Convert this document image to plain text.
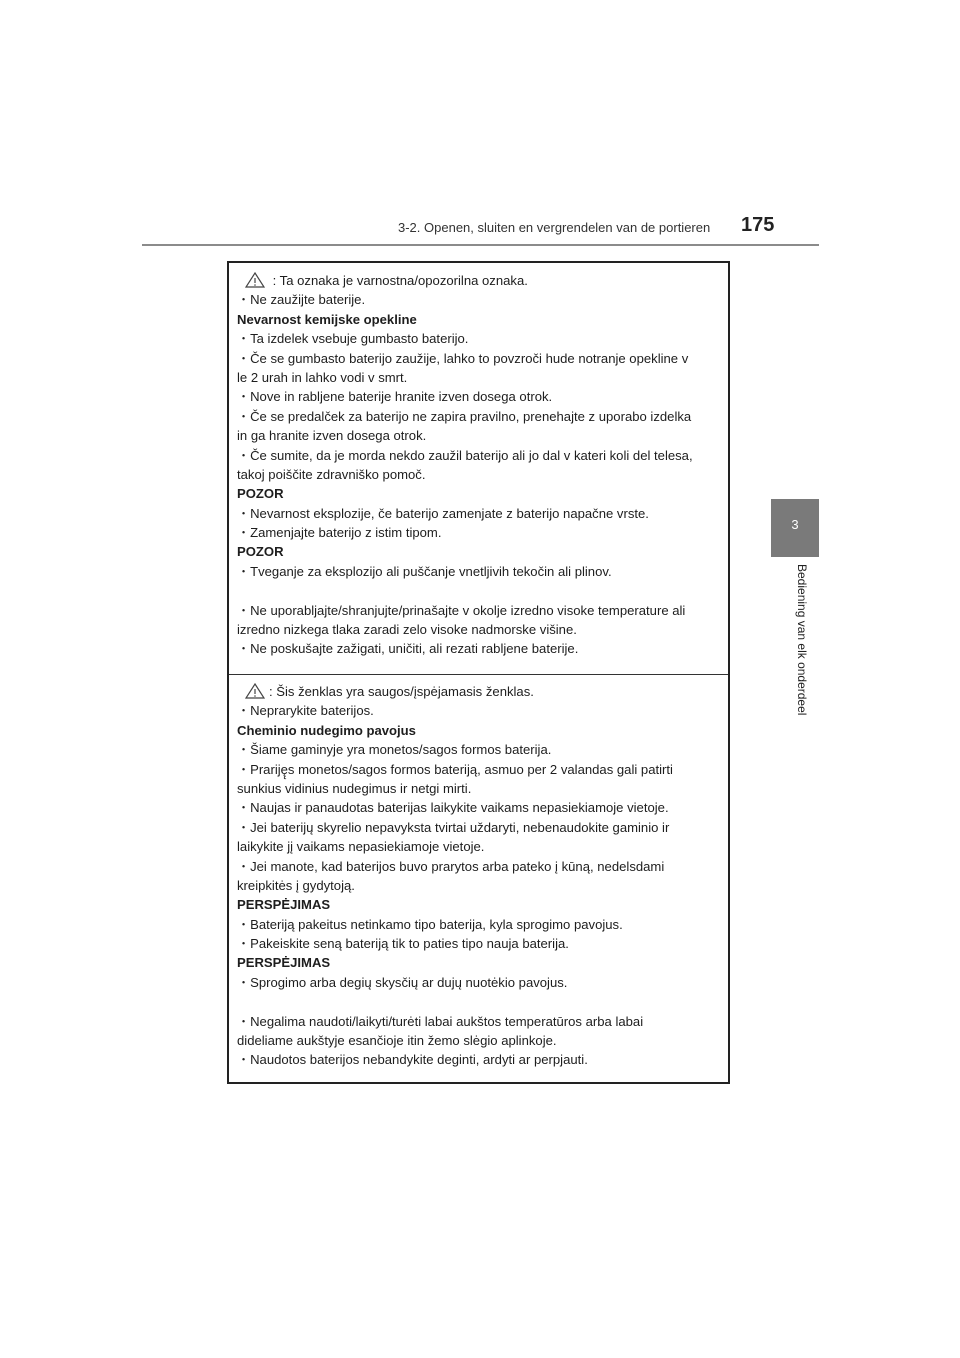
3-2. Openen, sluiten en vergrendelen van de portieren 175
3
Bediening van elk onderdeel
: Ta oznaka je varnostna/opozorilna oznaka.
・Ne zaužijte baterije.
Nevarnost kemijske opekline
・Ta izdelek vsebuje gumbasto baterijo.
・Če se gumbasto baterijo zaužije, lahko to povzroči hude notranje opekline v
le 2 urah in lahko vodi v smrt.
・Nove in rabljene baterije hranite izven dosega otrok.
・Če se predalček za baterijo ne zapira pravilno, prenehajte z uporabo izdelka
in ga hranite izven dosega otrok.
・Če sumite, da je morda nekdo zaužil baterijo ali jo dal v kateri koli del telesa,
takoj poiščite zdravniško pomoč.
POZOR
・Nevarnost eksplozije, če baterijo zamenjate z baterijo napačne vrste.
・Zamenjajte baterijo z istim tipom.
POZOR
・Tveganje za eksplozijo ali puščanje vnetljivih tekočin ali plinov.
・Ne uporabljajte/shranjujte/prinašajte v okolje izredno visoke temperature ali
izredno nizkega tlaka zaradi zelo visoke nadmorske višine.
・Ne poskušajte zažigati, uničiti, ali rezati rabljene baterije.
: Šis ženklas yra saugos/įspėjamasis ženklas.
・Neprarykite baterijos.
Cheminio nudegimo pavojus
・Šiame gaminyje yra monetos/sagos formos baterija.
・Prariję̨s monetos/sagos formos bateriją, asmuo per 2 valandas gali patirti
sunkius vidinius nudegimus ir netgi mirti.
・Naujas ir panaudotas baterijas laikykite vaikams nepasiekiamoje vietoje.
・Jei baterijų skyrelio nepavyksta tvirtai uždaryti, nebenaudokite gaminio ir
laikykite jį vaikams nepasiekiamoje vietoje.
・Jei manote, kad baterijos buvo prarytos arba pateko į kūną, nedelsdami
kreipkitės į gydytoją.
PERSPĖJIMAS
・Bateriją pakeitus netinkamo tipo baterija, kyla sprogimo pavojus.
・Pakeiskite seną bateriją tik to paties tipo nauja baterija.
PERSPĖJIMAS
・Sprogimo arba degių skysčių ar dujų nuotėkio pavojus.
・Negalima naudoti/laikyti/turėti labai aukštos temperatūros arba labai
dideliame aukštyje esančioje itin žemo slėgio aplinkoje.
・Naudotos baterijos nebandykite deginti, ardyti ar perpjauti.
